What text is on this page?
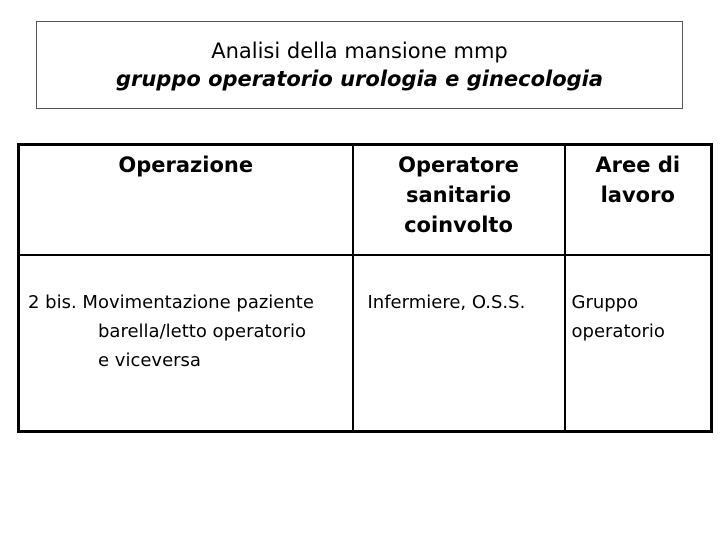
Analisi della mansione mmp
gruppo operatorio urologia e ginecologia
Operazione	Operatore sanitario coinvolto	Aree di lavoro

2 bis. Movimentazione paziente
barella/letto operatorio
e viceversa	Infermiere, O.S.S.	Gruppo
operatorio
